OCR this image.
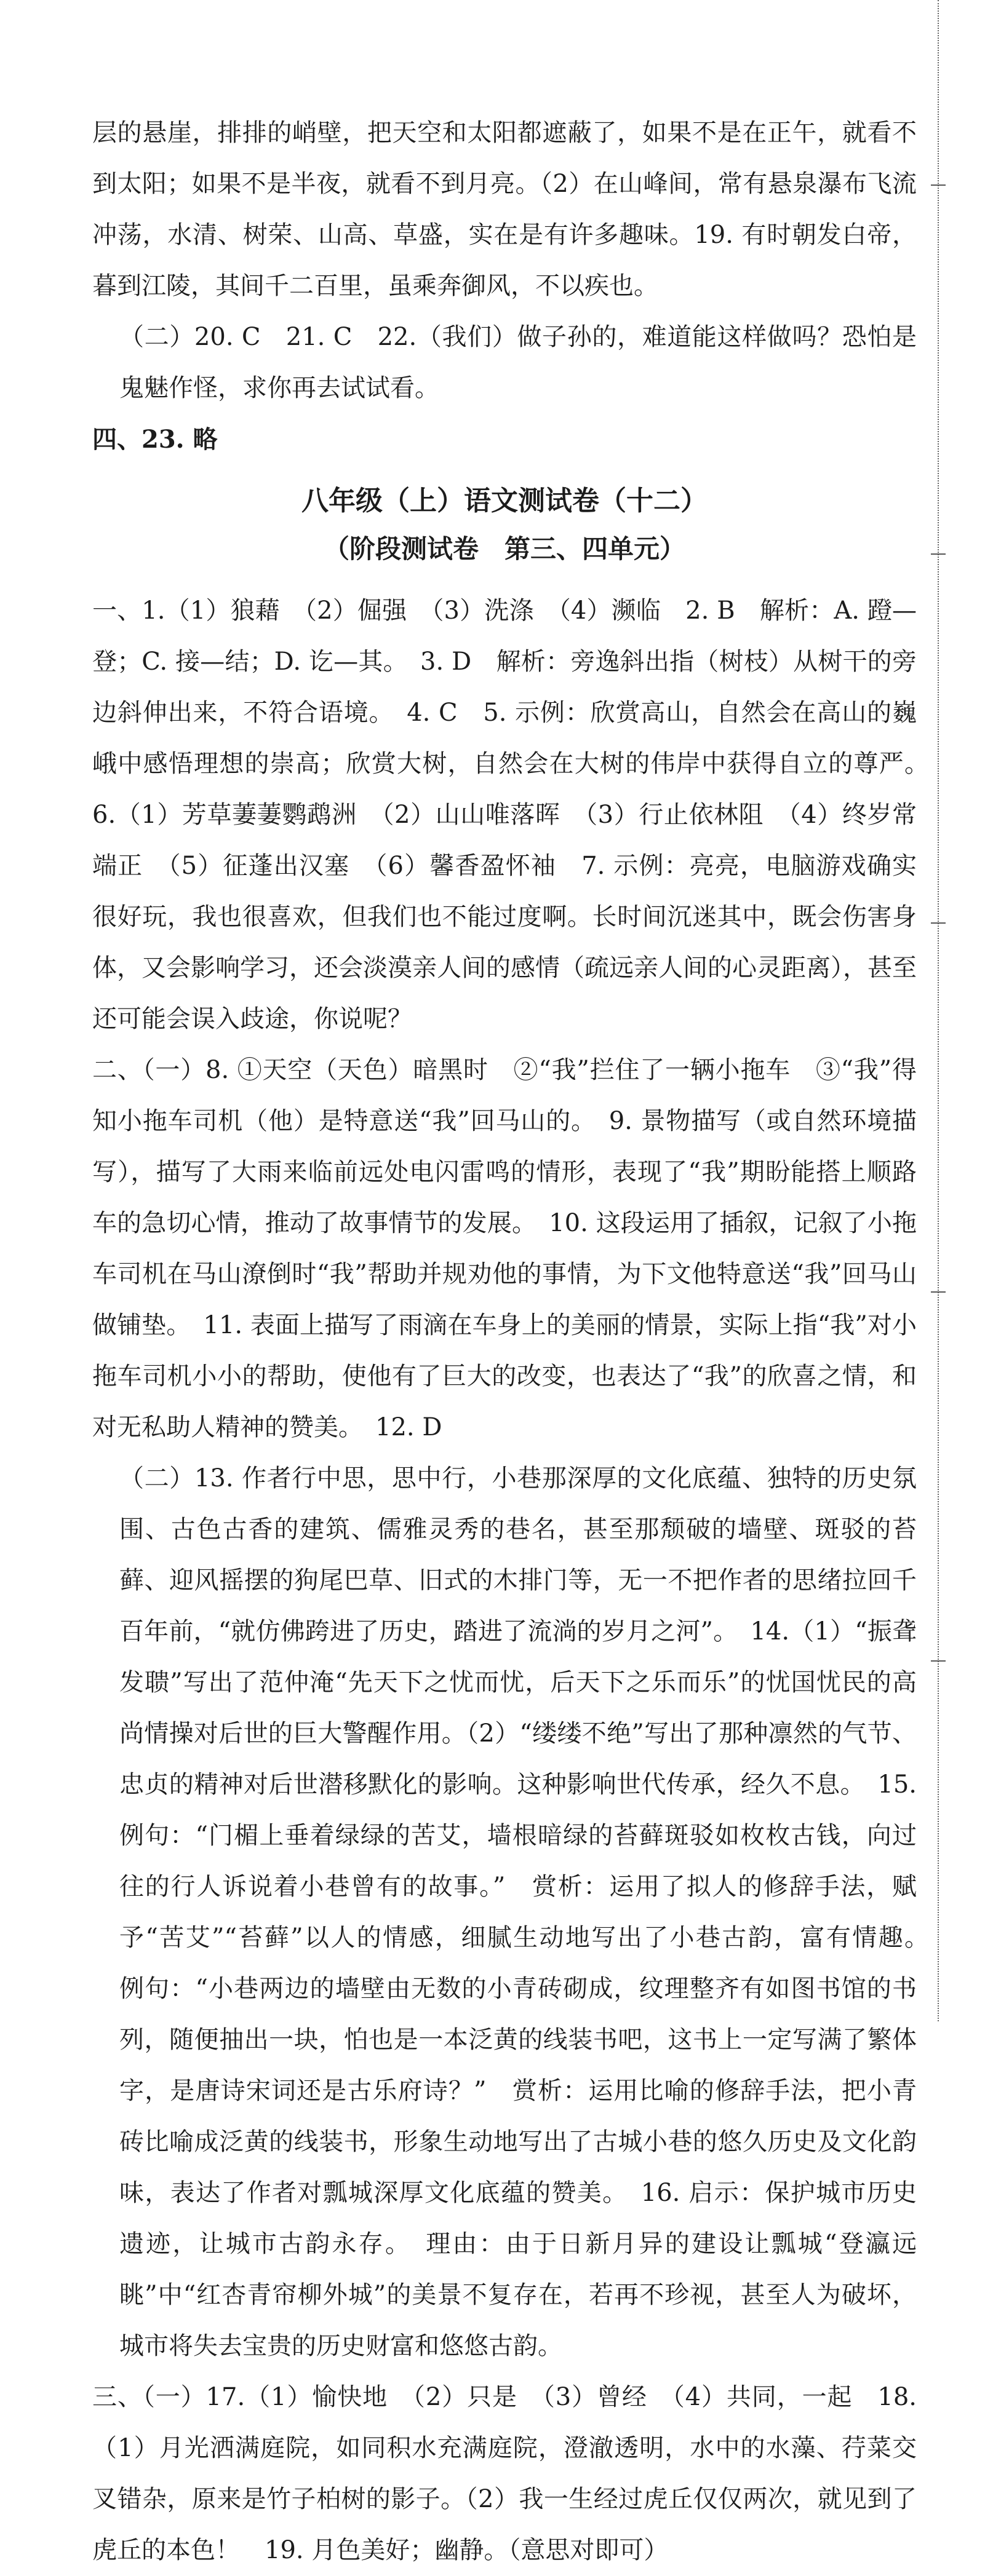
层的悬崖，排排的峭壁，把天空和太阳都遮蔽了，如果不是在正午，就看不到太阳；如果不是半夜，就看不到月亮。（2）在山峰间，常有悬泉瀑布飞流冲荡，水清、树荣、山高、草盛，实在是有许多趣味。19. 有时朝发白帝，暮到江陵，其间千二百里，虽乘奔御风，不以疾也。

（二）20. C　21. C　22.（我们）做子孙的，难道能这样做吗？恐怕是鬼魅作怪，求你再去试试看。

四、23. 略

八年级（上）语文测试卷（十二）

（阶段测试卷　第三、四单元）

一、1.（1）狼藉　（2）倔强　（3）洗涤　（4）濒临　2. B　解析：A. 蹬—登；C. 接—结；D. 讫—其。　3. D　解析：旁逸斜出指（树枝）从树干的旁边斜伸出来，不符合语境。　4. C　5. 示例：欣赏高山，自然会在高山的巍峨中感悟理想的崇高；欣赏大树，自然会在大树的伟岸中获得自立的尊严。　6.（1）芳草萋萋鹦鹉洲　（2）山山唯落晖　（3）行止依林阻　（4）终岁常端正　（5）征蓬出汉塞　（6）馨香盈怀袖　7. 示例：亮亮，电脑游戏确实很好玩，我也很喜欢，但我们也不能过度啊。长时间沉迷其中，既会伤害身体，又会影响学习，还会淡漠亲人间的感情（疏远亲人间的心灵距离），甚至还可能会误入歧途，你说呢？

二、（一）8. ①天空（天色）暗黑时　②“我”拦住了一辆小拖车　③“我”得知小拖车司机（他）是特意送“我”回马山的。　9. 景物描写（或自然环境描写），描写了大雨来临前远处电闪雷鸣的情形，表现了“我”期盼能搭上顺路车的急切心情，推动了故事情节的发展。　10. 这段运用了插叙，记叙了小拖车司机在马山潦倒时“我”帮助并规劝他的事情，为下文他特意送“我”回马山做铺垫。　11. 表面上描写了雨滴在车身上的美丽的情景，实际上指“我”对小拖车司机小小的帮助，使他有了巨大的改变，也表达了“我”的欣喜之情，和对无私助人精神的赞美。　12. D

（二）13. 作者行中思，思中行，小巷那深厚的文化底蕴、独特的历史氛围、古色古香的建筑、儒雅灵秀的巷名，甚至那颓破的墙壁、斑驳的苔藓、迎风摇摆的狗尾巴草、旧式的木排门等，无一不把作者的思绪拉回千百年前，“就仿佛跨进了历史，踏进了流淌的岁月之河”。　14.（1）“振聋发聩”写出了范仲淹“先天下之忧而忧，后天下之乐而乐”的忧国忧民的高尚情操对后世的巨大警醒作用。（2）“缕缕不绝”写出了那种凛然的气节、忠贞的精神对后世潜移默化的影响。这种影响世代传承，经久不息。　15. 例句：“门楣上垂着绿绿的苦艾，墙根暗绿的苔藓斑驳如枚枚古钱，向过往的行人诉说着小巷曾有的故事。”　赏析：运用了拟人的修辞手法，赋予“苦艾”“苔藓”以人的情感，细腻生动地写出了小巷古韵，富有情趣。　例句：“小巷两边的墙壁由无数的小青砖砌成，纹理整齐有如图书馆的书列，随便抽出一块，怕也是一本泛黄的线装书吧，这书上一定写满了繁体字，是唐诗宋词还是古乐府诗？”　赏析：运用比喻的修辞手法，把小青砖比喻成泛黄的线装书，形象生动地写出了古城小巷的悠久历史及文化韵味，表达了作者对瓢城深厚文化底蕴的赞美。　16. 启示：保护城市历史遗迹，让城市古韵永存。　理由：由于日新月异的建设让瓢城“登瀛远眺”中“红杏青帘柳外城”的美景不复存在，若再不珍视，甚至人为破坏，城市将失去宝贵的历史财富和悠悠古韵。

三、（一）17.（1）愉快地　（2）只是　（3）曾经　（4）共同，一起　18.（1）月光洒满庭院，如同积水充满庭院，澄澈透明，水中的水藻、荇菜交叉错杂，原来是竹子柏树的影子。（2）我一生经过虎丘仅仅两次，就见到了虎丘的本色！　19. 月色美好；幽静。（意思对即可）
